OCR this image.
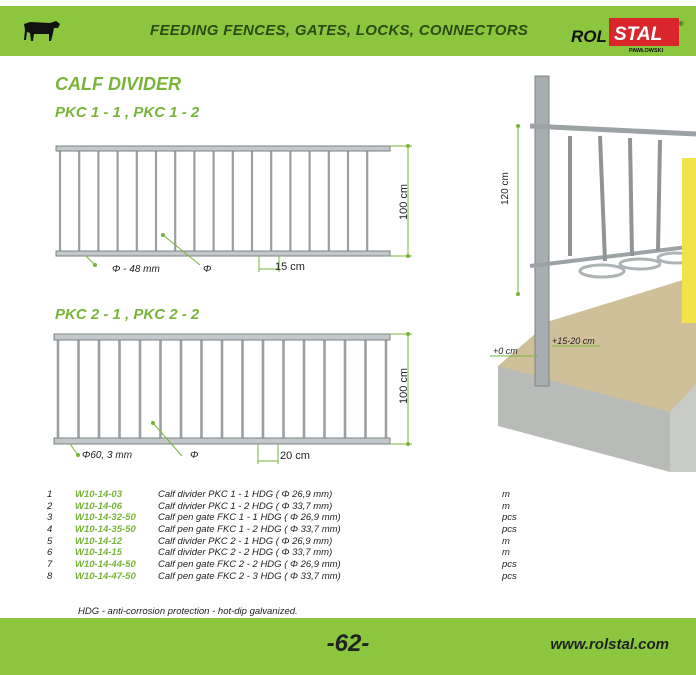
FEEDING FENCES, GATES, LOCKS, CONNECTORS	ROL STAL
PAWŁOWSKI
®
CALF DIVIDER
PKC 1 - 1 , PKC 1 - 2
PKC 2 - 1 , PKC 2 - 2
Φ - 48 mm	Φ	15 cm
100 cm
Φ60, 3 mm	Φ	20 cm
100 cm
120 cm
+0 cm
+15-20 cm
1 W10-14-03	Calf divider PKC 1 - 1 HDG ( Φ 26,9 mm)	m
2 W10-14-06	Calf divider PKC 1 - 2 HDG ( Φ 33,7 mm)	m
3 W10-14-32-50 Calf pen gate FKC 1 - 1 HDG ( Φ 26,9 mm)	pcs
4 W10-14-35-50 Calf pen gate FKC 1 - 2 HDG ( Φ 33,7 mm)	pcs
5 W10-14-12	Calf divider PKC 2 - 1 HDG ( Φ 26,9 mm)	m
6 W10-14-15	Calf divider PKC 2 - 2 HDG ( Φ 33,7 mm)	m
7 W10-14-44-50 Calf pen gate FKC 2 - 2 HDG ( Φ 26,9 mm)	pcs
8 W10-14-47-50 Calf pen gate FKC 2 - 3 HDG ( Φ 33,7 mm)	pcs
HDG - anti-corrosion protection - hot-dip galvanized.
-62-	www.rolstal.com
